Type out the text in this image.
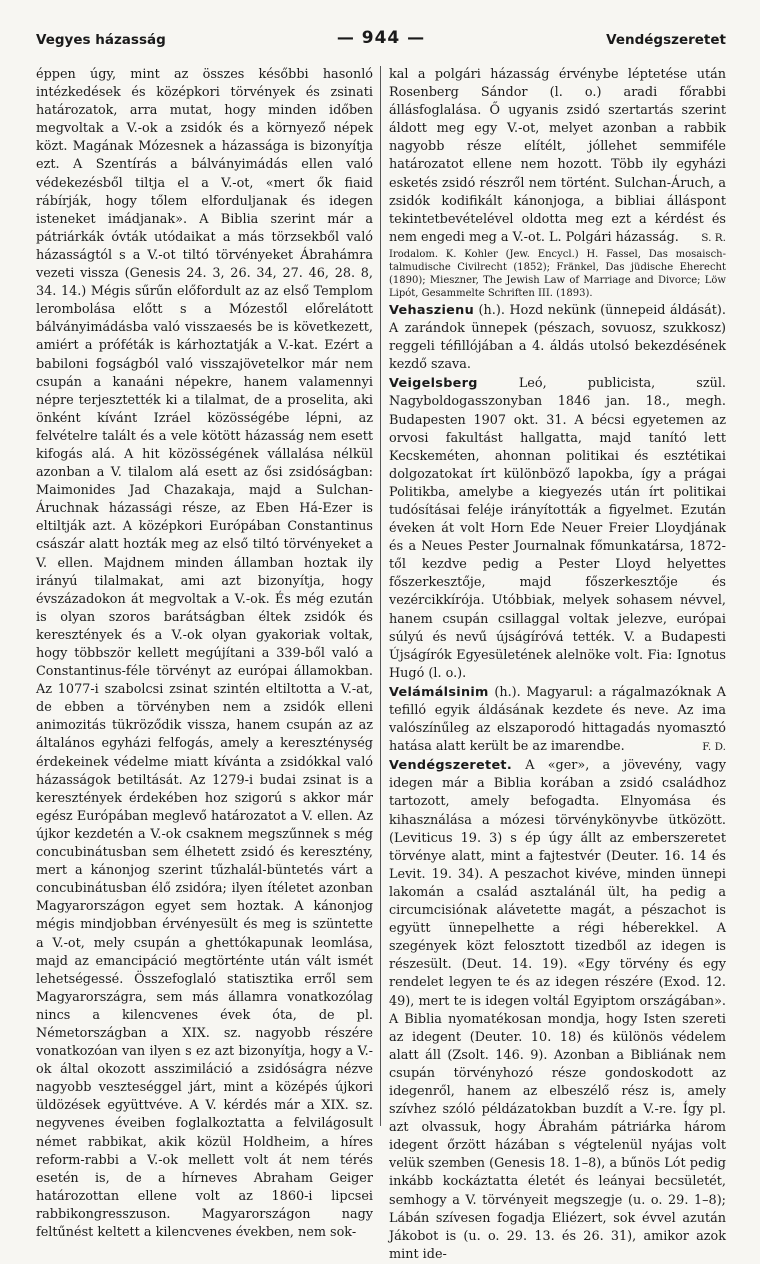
Vegyes házasság	— 944 —	Vendégszeretet

éppen úgy, mint az összes későbbi hasonló intézkedések és középkori törvények és zsinati határozatok, arra mutat, hogy minden időben megvoltak a V.-ok a zsidók és a környező népek közt. Magának Mózesnek a házassága is bizonyítja ezt. A Szentírás a bálványimádás ellen való védekezésből tiltja el a V.-ot, «mert ők fiaid rábírják, hogy tőlem elforduljanak és idegen isteneket imádjanak». A Biblia szerint már a pátriárkák óvták utódaikat a más törzsekből való házasságtól s a V.-ot tiltó törvényeket Ábrahámra vezeti vissza (Genesis 24. 3, 26. 34, 27. 46, 28. 8, 34. 14.) Mégis sűrűn előfordult az az első Templom lerombolása előtt s a Mózestől előrelátott bálványimádásba való visszaesés be is következett, amiért a próféták is kárhoztatják a V.-kat. Ezért a babiloni fogságból való visszajövetelkor már nem csupán a kanaáni népekre, hanem valamennyi népre terjesztették ki a tilalmat, de a proselita, aki önként kívánt Izráel közösségébe lépni, az felvételre talált és a vele kötött házasság nem esett kifogás alá. A hit közösségének vállalása nélkül azonban a V. tilalom alá esett az ősi zsidóságban: Maimonides Jad Chazakaja, majd a Sulchan-Áruchnak házassági része, az Eben Há-Ezer is eltiltják azt. A középkori Európában Constantinus császár alatt hozták meg az első tiltó törvényeket a V. ellen. Majdnem minden államban hoztak ily irányú tilalmakat, ami azt bizonyítja, hogy évszázadokon át megvoltak a V.-ok. És még ezután is olyan szoros barátságban éltek zsidók és keresztények és a V.-ok olyan gyakoriak voltak, hogy többször kellett megújítani a 339-ből való a Constantinus-féle törvényt az európai államokban. Az 1077-i szabolcsi zsinat szintén eltiltotta a V.-at, de ebben a törvényben nem a zsidók elleni animozitás tükröződik vissza, hanem csupán az az általános egyházi felfogás, amely a kereszténység érdekeinek védelme miatt kívánta a zsidókkal való házasságok betiltását. Az 1279-i budai zsinat is a keresztények érdekében hoz szigorú s akkor már egész Európában meglevő határozatot a V. ellen. Az újkor kezdetén a V.-ok csaknem megszűnnek s még concubinátusban sem élhetett zsidó és keresztény, mert a kánonjog szerint tűzhalál-büntetés várt a concubinátusban élő zsidóra; ilyen ítéletet azonban Magyarországon egyet sem hoztak. A kánonjog mégis mindjobban érvényesült és meg is szüntette a V.-ot, mely csupán a ghettókapunak leomlása, majd az emancipáció megtörténte után vált ismét lehetségessé. Összefoglaló statisztika erről sem Magyarországra, sem más államra vonatkozólag nincs a kilencvenes évek óta, de pl. Németországban a XIX. sz. nagyobb részére vonatkozóan van ilyen s ez azt bizonyítja, hogy a V.-ok által okozott asszimiláció a zsidóságra nézve nagyobb veszteséggel járt, mint a középés újkori üldözések együttvéve. A V. kérdés már a XIX. sz. negyvenes éveiben foglalkoztatta a felvilágosult német rabbikat, akik közül Holdheim, a híres reform-rabbi a V.-ok mellett volt át nem térés esetén is, de a hírneves Abraham Geiger határozottan ellene volt az 1860-i lipcsei rabbikongresszuson. Magyarországon nagy feltűnést keltett a kilencvenes években, nem sok-

kal a polgári házasság érvénybe léptetése után Rosenberg Sándor (l. o.) aradi főrabbi állásfoglalása. Ő ugyanis zsidó szertartás szerint áldott meg egy V.-ot, melyet azonban a rabbik nagyobb része elítélt, jóllehet semmiféle határozatot ellene nem hozott. Több ily egyházi esketés zsidó részről nem történt. Sulchan-Áruch, a zsidók kodifikált kánonjoga, a bibliai álláspont tekintetbevételével oldotta meg ezt a kérdést és nem engedi meg a V.-ot. L. Polgári házasság. S. R.

Irodalom. K. Kohler (Jew. Encycl.) H. Fassel, Das mosaisch-talmudische Civilrecht (1852); Fränkel, Das jüdische Eherecht (1890); Mieszner, The Jewish Law of Marriage and Divorce; Löw Lipót, Gesammelte Schriften III. (1893).

Vehaszienu (h.). Hozd nekünk (ünnepeid áldását). A zarándok ünnepek (pészach, sovuosz, szukkosz) reggeli téfillójában a 4. áldás utolsó bekezdésének kezdő szava.

Veigelsberg	Leó, publicista, szül. Nagyboldogasszonyban 1846 jan. 18., megh. Budapesten 1907 okt. 31. A bécsi egyetemen az orvosi fakultást hallgatta, majd tanító lett Kecskeméten, ahonnan politikai és esztétikai dolgozatokat írt különböző lapokba, így a prágai Politikba, amelybe a kiegyezés után írt politikai tudósításai feléje irányították a figyelmet. Ezután éveken át volt Horn Ede Neuer Freier Lloydjának és a Neues Pester Journalnak főmunkatársa, 1872-től kezdve pedig a Pester Lloyd helyettes főszerkesztője, majd főszerkesztője és vezércikkírója. Utóbbiak, melyek sohasem névvel, hanem csupán csillaggal voltak jelezve, európai súlyú és nevű újságíróvá tették. V. a Budapesti Újságírók Egyesületének alelnöke volt. Fia: Ignotus Hugó (l. o.).

Velámálsinim (h.). Magyarul: a rágalmazóknak A tefilló egyik áldásának kezdete és neve. Az ima valószínűleg az elszaporodó hittagadás nyomasztó hatása alatt került be az imarendbe.	F. D.

Vendégszeretet. A «ger», a jövevény, vagy idegen már a Biblia korában a zsidó családhoz tartozott, amely befogadta. Elnyomása és kihasználása a mózesi törvénykönyvbe ütközött. (Leviticus 19. 3) s ép úgy állt az emberszeretet törvénye alatt, mint a fajtestvér (Deuter. 16. 14 és Levit. 19. 34). A peszachot kivéve, minden ünnepi lakomán a család asztalánál ült, ha pedig a circumcisiónak alávetette magát, a pészachot is együtt ünnepelhette a régi héberekkel. A szegények közt felosztott tizedből az idegen is részesült. (Deut. 14. 19). «Egy törvény és egy rendelet legyen te és az idegen részére (Exod. 12. 49), mert te is idegen voltál Egyiptom országában». A Biblia nyomatékosan mondja, hogy Isten szereti az idegent (Deuter. 10. 18) és különös védelem alatt áll (Zsolt. 146. 9). Azonban a Bibliának nem csupán törvényhozó része gondoskodott az idegenről, hanem az elbeszélő rész is, amely szívhez szóló példázatokban buzdít a V.-re. Így pl. azt olvassuk, hogy Ábrahám pátriárka három idegent őrzött házában s végtelenül nyájas volt velük szemben (Genesis 18. 1–8), a bűnös Lót pedig inkább kockáztatta életét és leányai becsületét, semhogy a V. törvényeit megszegje (u. o. 29. 1–8); Lábán szívesen fogadja Eliézert, sok évvel azután Jákobot is (u. o. 29. 13. és 26. 31), amikor azok mint ide-
